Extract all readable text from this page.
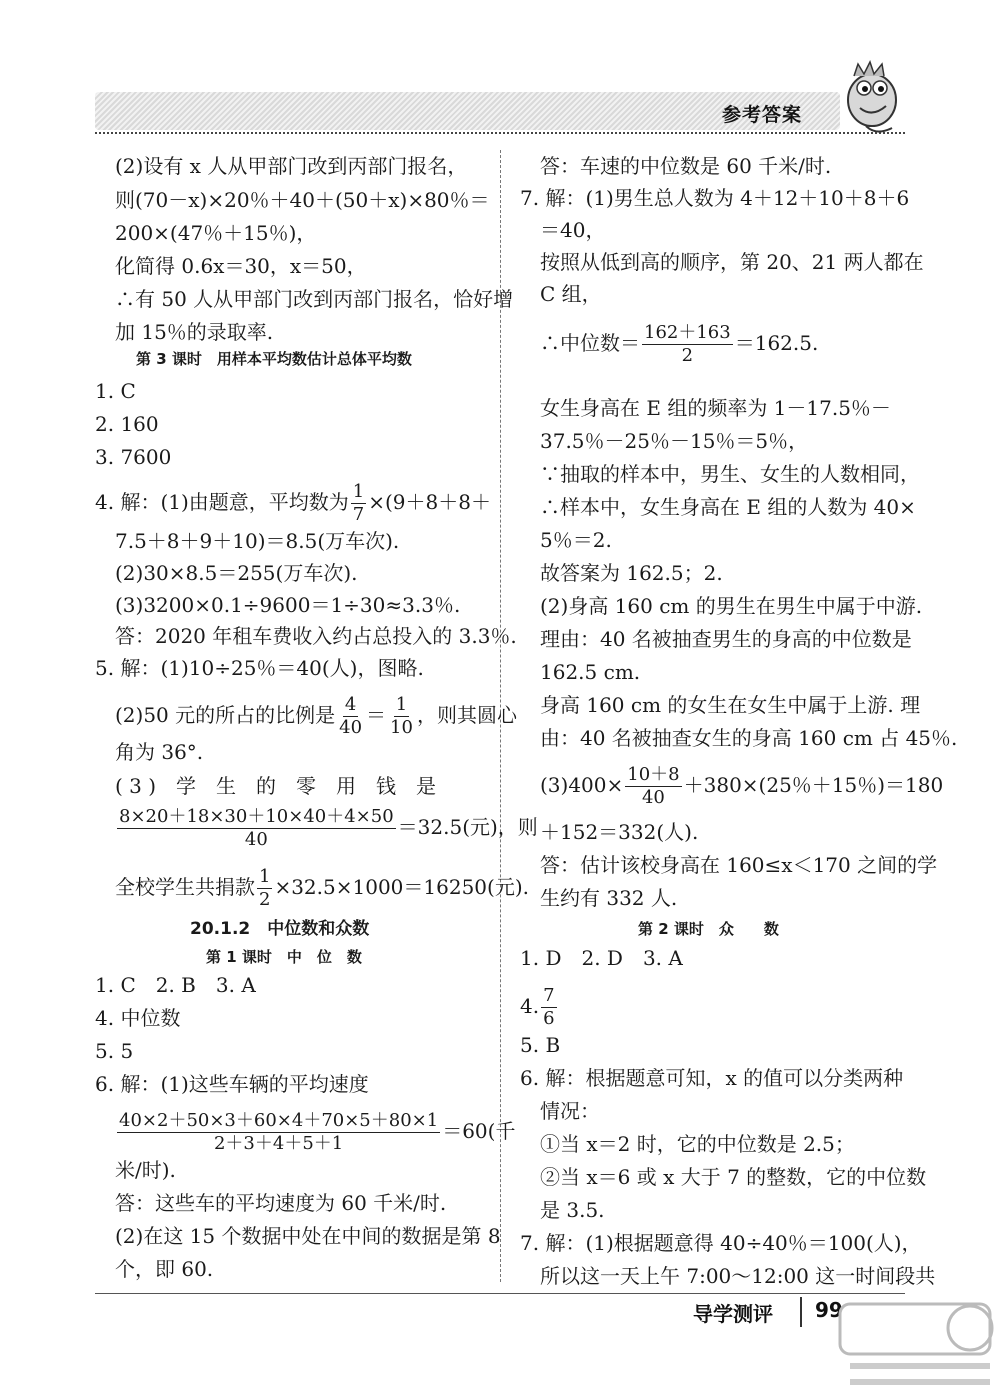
参考答案
(2)设有 x 人从甲部门改到丙部门报名，
则(70－x)×20％＋40＋(50＋x)×80％＝
200×(47％＋15％)，
化简得 0.6x＝30，x＝50，
∴有 50 人从甲部门改到丙部门报名，恰好增
加 15％的录取率.
第 3 课时　用样本平均数估计总体平均数
1. C
2. 160
3. 7600
4. 解：(1)由题意，平均数为 $\frac{1}{7} \times(9+8+8+$
7.5＋8＋9＋10)＝8.5(万车次).
(2)30×8.5＝255(万车次).
(3)3200×0.1÷9600＝1÷30≈3.3％.
答：2020 年租车费收入约占总投入的 3.3％.
5. 解：(1)10÷25％＝40(人)，图略.
(2)50 元的所占的比例是 $\frac{4}{40} = \frac{1}{10}$ ，则其圆心
角为 36°.
( 3 )　学　生　的　零　用　钱　是
$\frac{8\times 20+18\times 30+10\times 40+4\times 50}{40} =32.5$(元)，则
全校学生共捐款 $\frac{1}{2} \times 32.5\times 1000=16250$(元).
20.1.2　中位数和众数
第 1 课时　中　位　数
1. C　2. B　3. A
4. 中位数
5. 5
6. 解：(1)这些车辆的平均速度
$\frac{40\times 2+50\times 3+60\times 4+70\times 5+80\times 1}{2+3+4+5+1} =60$(千
米/时).
答：这些车的平均速度为 60 千米/时.
(2)在这 15 个数据中处在中间的数据是第 8
个，即 60.
答：车速的中位数是 60 千米/时.
7. 解：(1)男生总人数为 4＋12＋10＋8＋6
＝40，
按照从低到高的顺序，第 20、21 两人都在
C 组，
∴中位数＝ $\frac{162+163}{2} =162.5$.
女生身高在 E 组的频率为 1－17.5％－
37.5％－25％－15％＝5％，
∵抽取的样本中，男生、女生的人数相同，
∴样本中，女生身高在 E 组的人数为 40×
5％＝2.
故答案为 162.5；2.
(2)身高 160 cm 的男生在男生中属于中游.
理由：40 名被抽查男生的身高的中位数是
162.5 cm.
身高 160 cm 的女生在女生中属于上游. 理
由：40 名被抽查女生的身高 160 cm 占 45％.
$(3)400\times \frac{10+8}{40} +380\times(25$％＋15％)＝180
＋152＝332(人).
答：估计该校身高在 160≤x＜170 之间的学
生约有 332 人.
第 2 课时　众　　数
1. D　2. D　3. A
4. $\frac{7}{6}$
5. B
6. 解：根据题意可知，x 的值可以分类两种
情况：
①当 x＝2 时，它的中位数是 2.5；
②当 x＝6 或 x 大于 7 的整数，它的中位数
是 3.5.
7. 解：(1)根据题意得 40÷40％＝100(人)，
所以这一天上午 7:00～12:00 这一时间段共
导学测评 99
